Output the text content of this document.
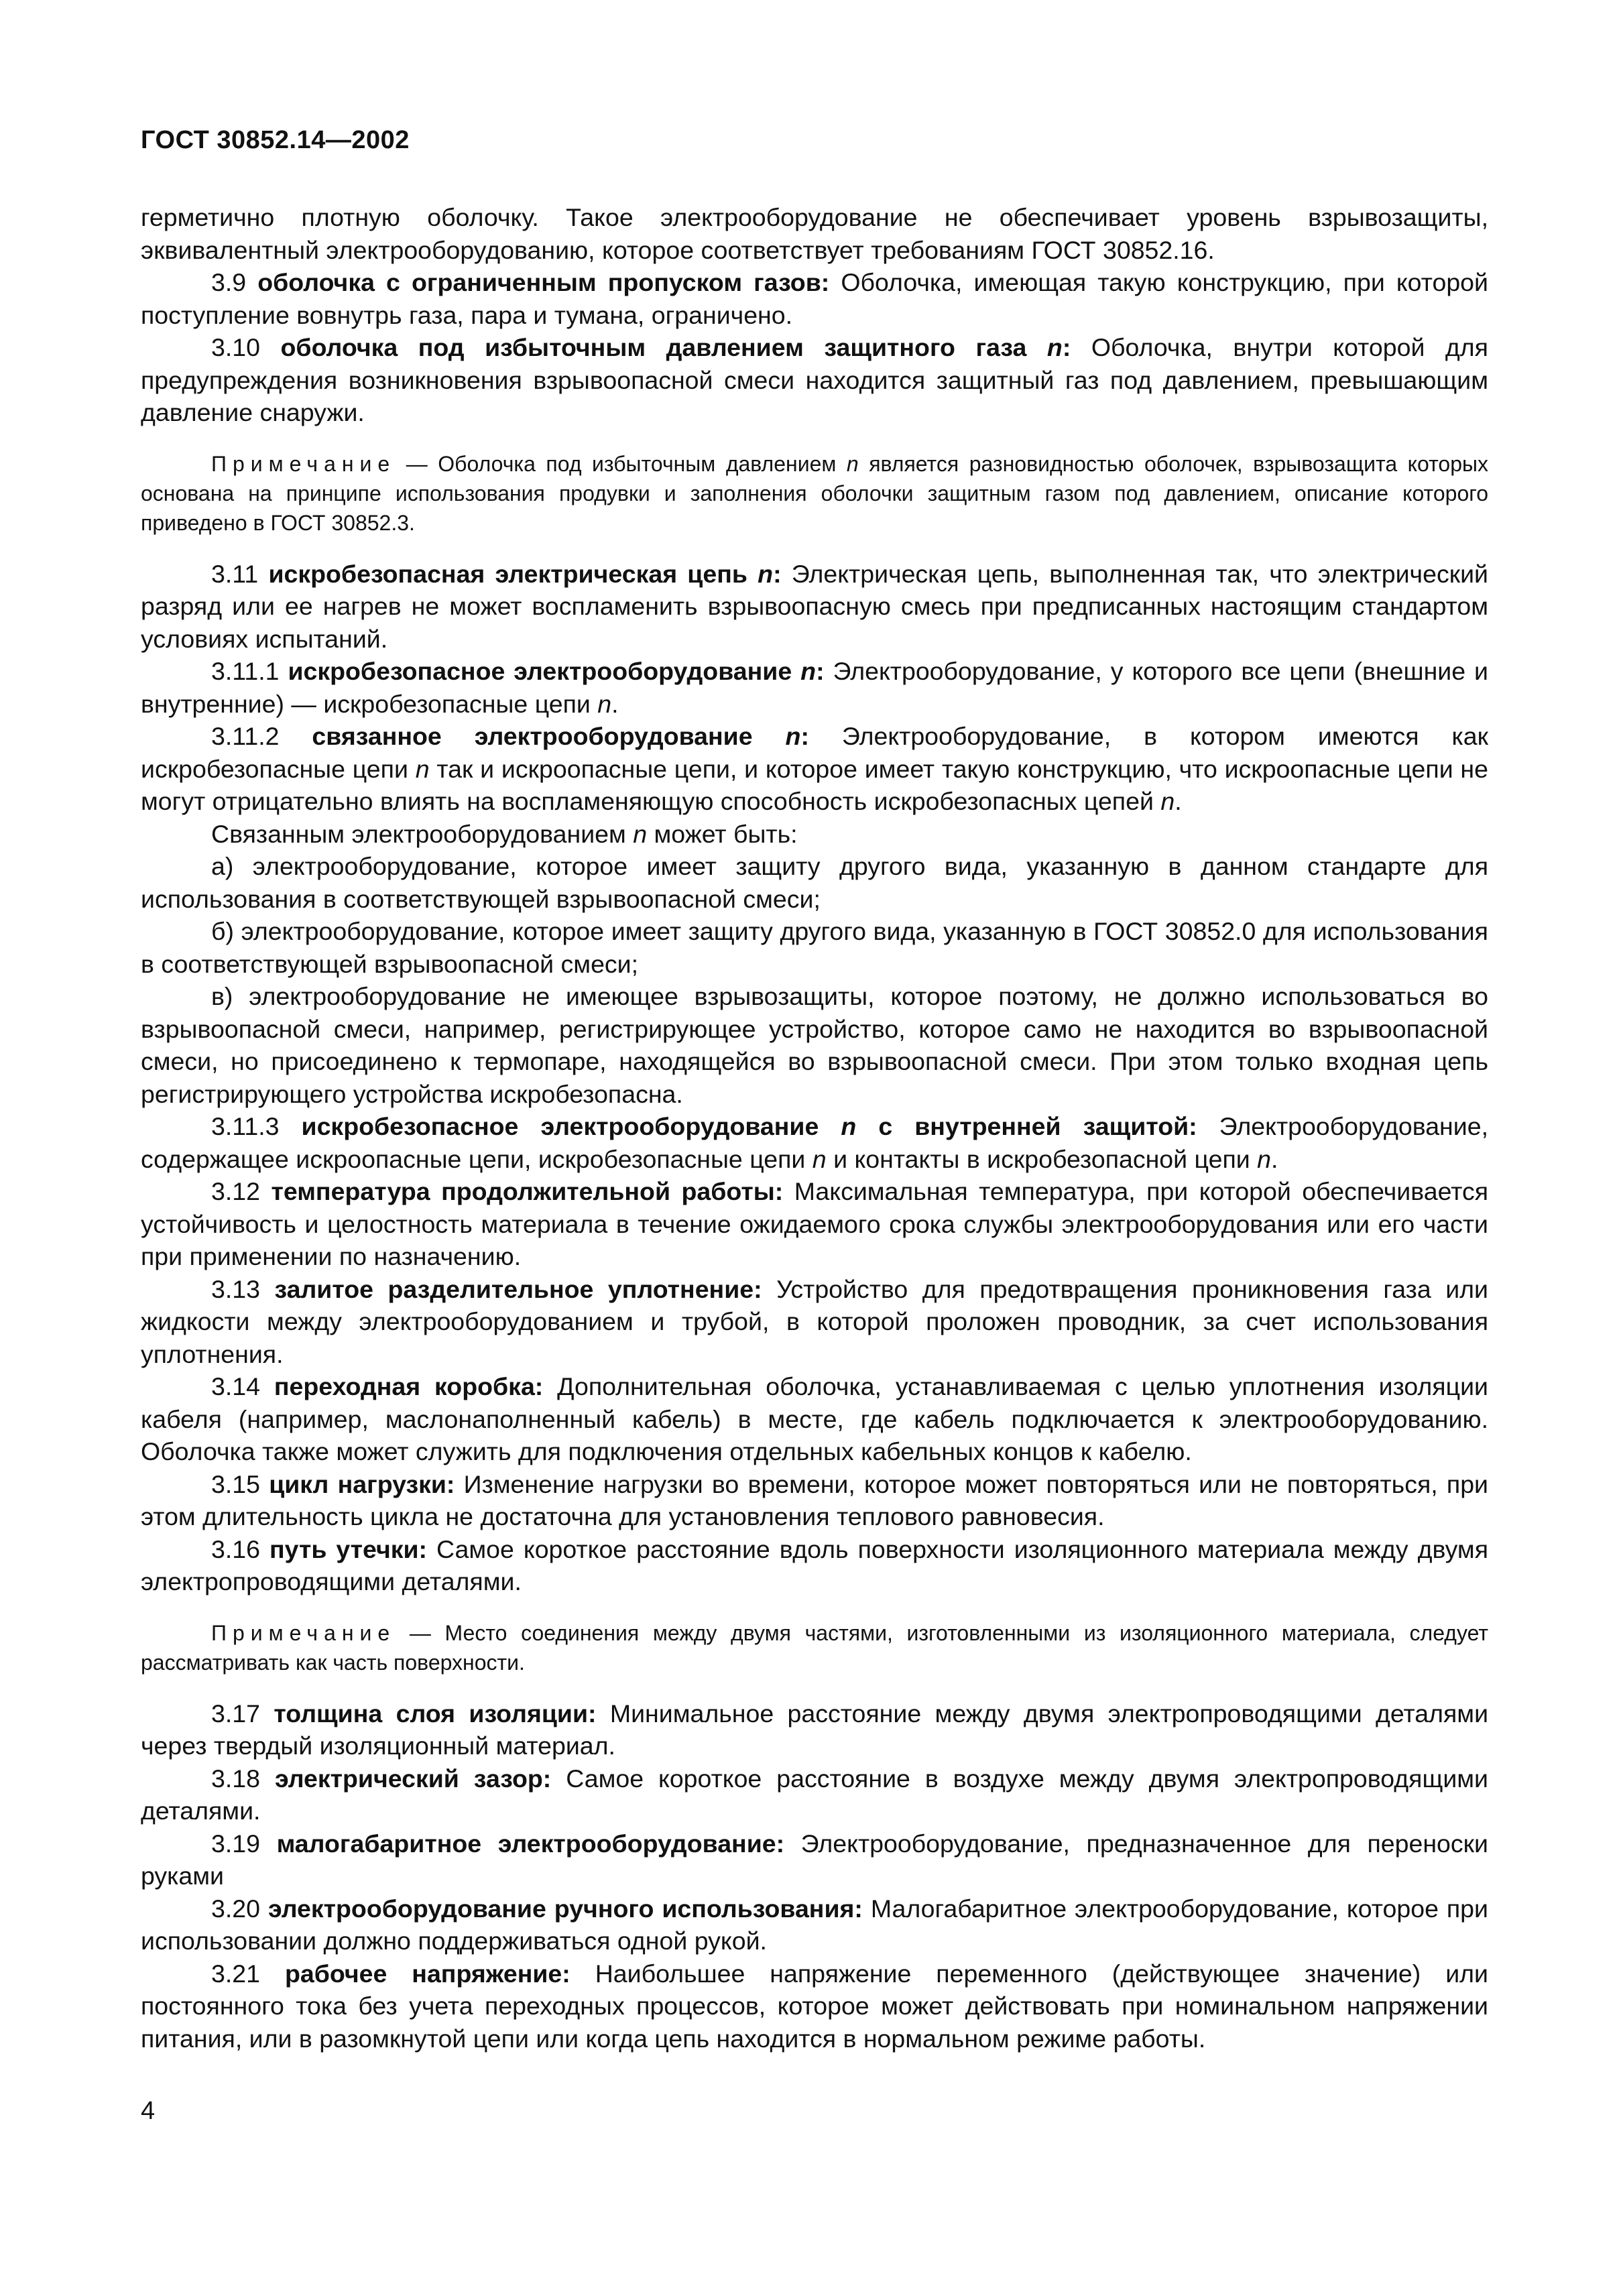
ГОСТ 30852.14—2002

герметично плотную оболочку. Такое электрооборудование не обеспечивает уровень взрывозащиты, эквивалентный электрооборудованию, которое соответствует требованиям ГОСТ 30852.16.

3.9 оболочка с ограниченным пропуском газов: Оболочка, имеющая такую конструкцию, при которой поступление вовнутрь газа, пара и тумана, ограничено.

3.10 оболочка под избыточным давлением защитного газа n: Оболочка, внутри которой для предупреждения возникновения взрывоопасной смеси находится защитный газ под давлением, превышающим давление снаружи.

Примечание — Оболочка под избыточным давлением n является разновидностью оболочек, взрывозащита которых основана на принципе использования продувки и заполнения оболочки защитным газом под давлением, описание которого приведено в ГОСТ 30852.3.

3.11 искробезопасная электрическая цепь n: Электрическая цепь, выполненная так, что электрический разряд или ее нагрев не может воспламенить взрывоопасную смесь при предписанных настоящим стандартом условиях испытаний.

3.11.1 искробезопасное электрооборудование n: Электрооборудование, у которого все цепи (внешние и внутренние) — искробезопасные цепи n.

3.11.2 связанное электрооборудование n: Электрооборудование, в котором имеются как искробезопасные цепи n так и искроопасные цепи, и которое имеет такую конструкцию, что искроопасные цепи не могут отрицательно влиять на воспламеняющую способность искробезопасных цепей n.

Связанным электрооборудованием n может быть:

а) электрооборудование, которое имеет защиту другого вида, указанную в данном стандарте для использования в соответствующей взрывоопасной смеси;

б) электрооборудование, которое имеет защиту другого вида, указанную в ГОСТ 30852.0 для использования в соответствующей взрывоопасной смеси;

в) электрооборудование не имеющее взрывозащиты, которое поэтому, не должно использоваться во взрывоопасной смеси, например, регистрирующее устройство, которое само не находится во взрывоопасной смеси, но присоединено к термопаре, находящейся во взрывоопасной смеси. При этом только входная цепь регистрирующего устройства искробезопасна.

3.11.3 искробезопасное электрооборудование n с внутренней защитой: Электрооборудование, содержащее искроопасные цепи, искробезопасные цепи n и контакты в искробезопасной цепи n.

3.12 температура продолжительной работы: Максимальная температура, при которой обеспечивается устойчивость и целостность материала в течение ожидаемого срока службы электрооборудования или его части при применении по назначению.

3.13 залитое разделительное уплотнение: Устройство для предотвращения проникновения газа или жидкости между электрооборудованием и трубой, в которой проложен проводник, за счет использования уплотнения.

3.14 переходная коробка: Дополнительная оболочка, устанавливаемая с целью уплотнения изоляции кабеля (например, маслонаполненный кабель) в месте, где кабель подключается к электрооборудованию. Оболочка также может служить для подключения отдельных кабельных концов к кабелю.

3.15 цикл нагрузки: Изменение нагрузки во времени, которое может повторяться или не повторяться, при этом длительность цикла не достаточна для установления теплового равновесия.

3.16 путь утечки: Самое короткое расстояние вдоль поверхности изоляционного материала между двумя электропроводящими деталями.

Примечание — Место соединения между двумя частями, изготовленными из изоляционного материала, следует рассматривать как часть поверхности.

3.17 толщина слоя изоляции: Минимальное расстояние между двумя электропроводящими деталями через твердый изоляционный материал.

3.18 электрический зазор: Самое короткое расстояние в воздухе между двумя электропроводящими деталями.

3.19 малогабаритное электрооборудование: Электрооборудование, предназначенное для переноски руками

3.20 электрооборудование ручного использования: Малогабаритное электрооборудование, которое при использовании должно поддерживаться одной рукой.

3.21 рабочее напряжение: Наибольшее напряжение переменного (действующее значение) или постоянного тока без учета переходных процессов, которое может действовать при номинальном напряжении питания, или в разомкнутой цепи или когда цепь находится в нормальном режиме работы.

4
